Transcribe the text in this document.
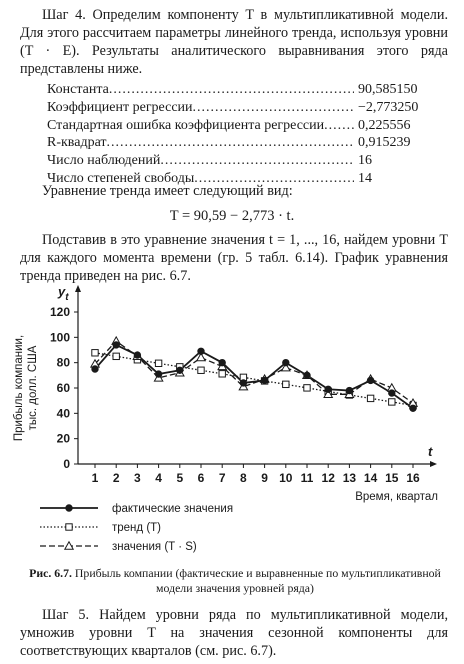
Шаг 4. Определим компоненту T в мультипликативной модели. Для этого рассчитаем параметры линейного тренда, используя уровни (T · E). Результаты аналитического выравнивания этого ряда представлены ниже.
Константа .....	90,585150
Коэффициент регрессии .....	−2,773250
Стандартная ошибка коэффициента регрессии ..... 0,225556
R-квадрат .....	0,915239
Число наблюдений .....	16
Число степеней свободы .....	14
Уравнение тренда имеет следующий вид:
T = 90,59 − 2,773 · t.
Подставив в это уравнение значения t = 1, ..., 16, найдем уровни T для каждого момента времени (гр. 5 табл. 6.14). График уравнения тренда приведен на рис. 6.7.
$y_t$
t
0
20
40
60
80
100
120
1 2 3 4 5 6 7 8 9 10 11 12 13 14 15 16
Прибыль компании, тыс. долл. США
Время, квартал
фактические значения
тренд (T)
значения (T · S)
Рис. 6.7. Прибыль компании (фактические и выравненные по мультипликативной модели значения уровней ряда)
Шаг 5. Найдем уровни ряда по мультипликативной модели, умножив уровни T на значения сезонной компоненты для соответствующих кварталов (см. рис. 6.7).
